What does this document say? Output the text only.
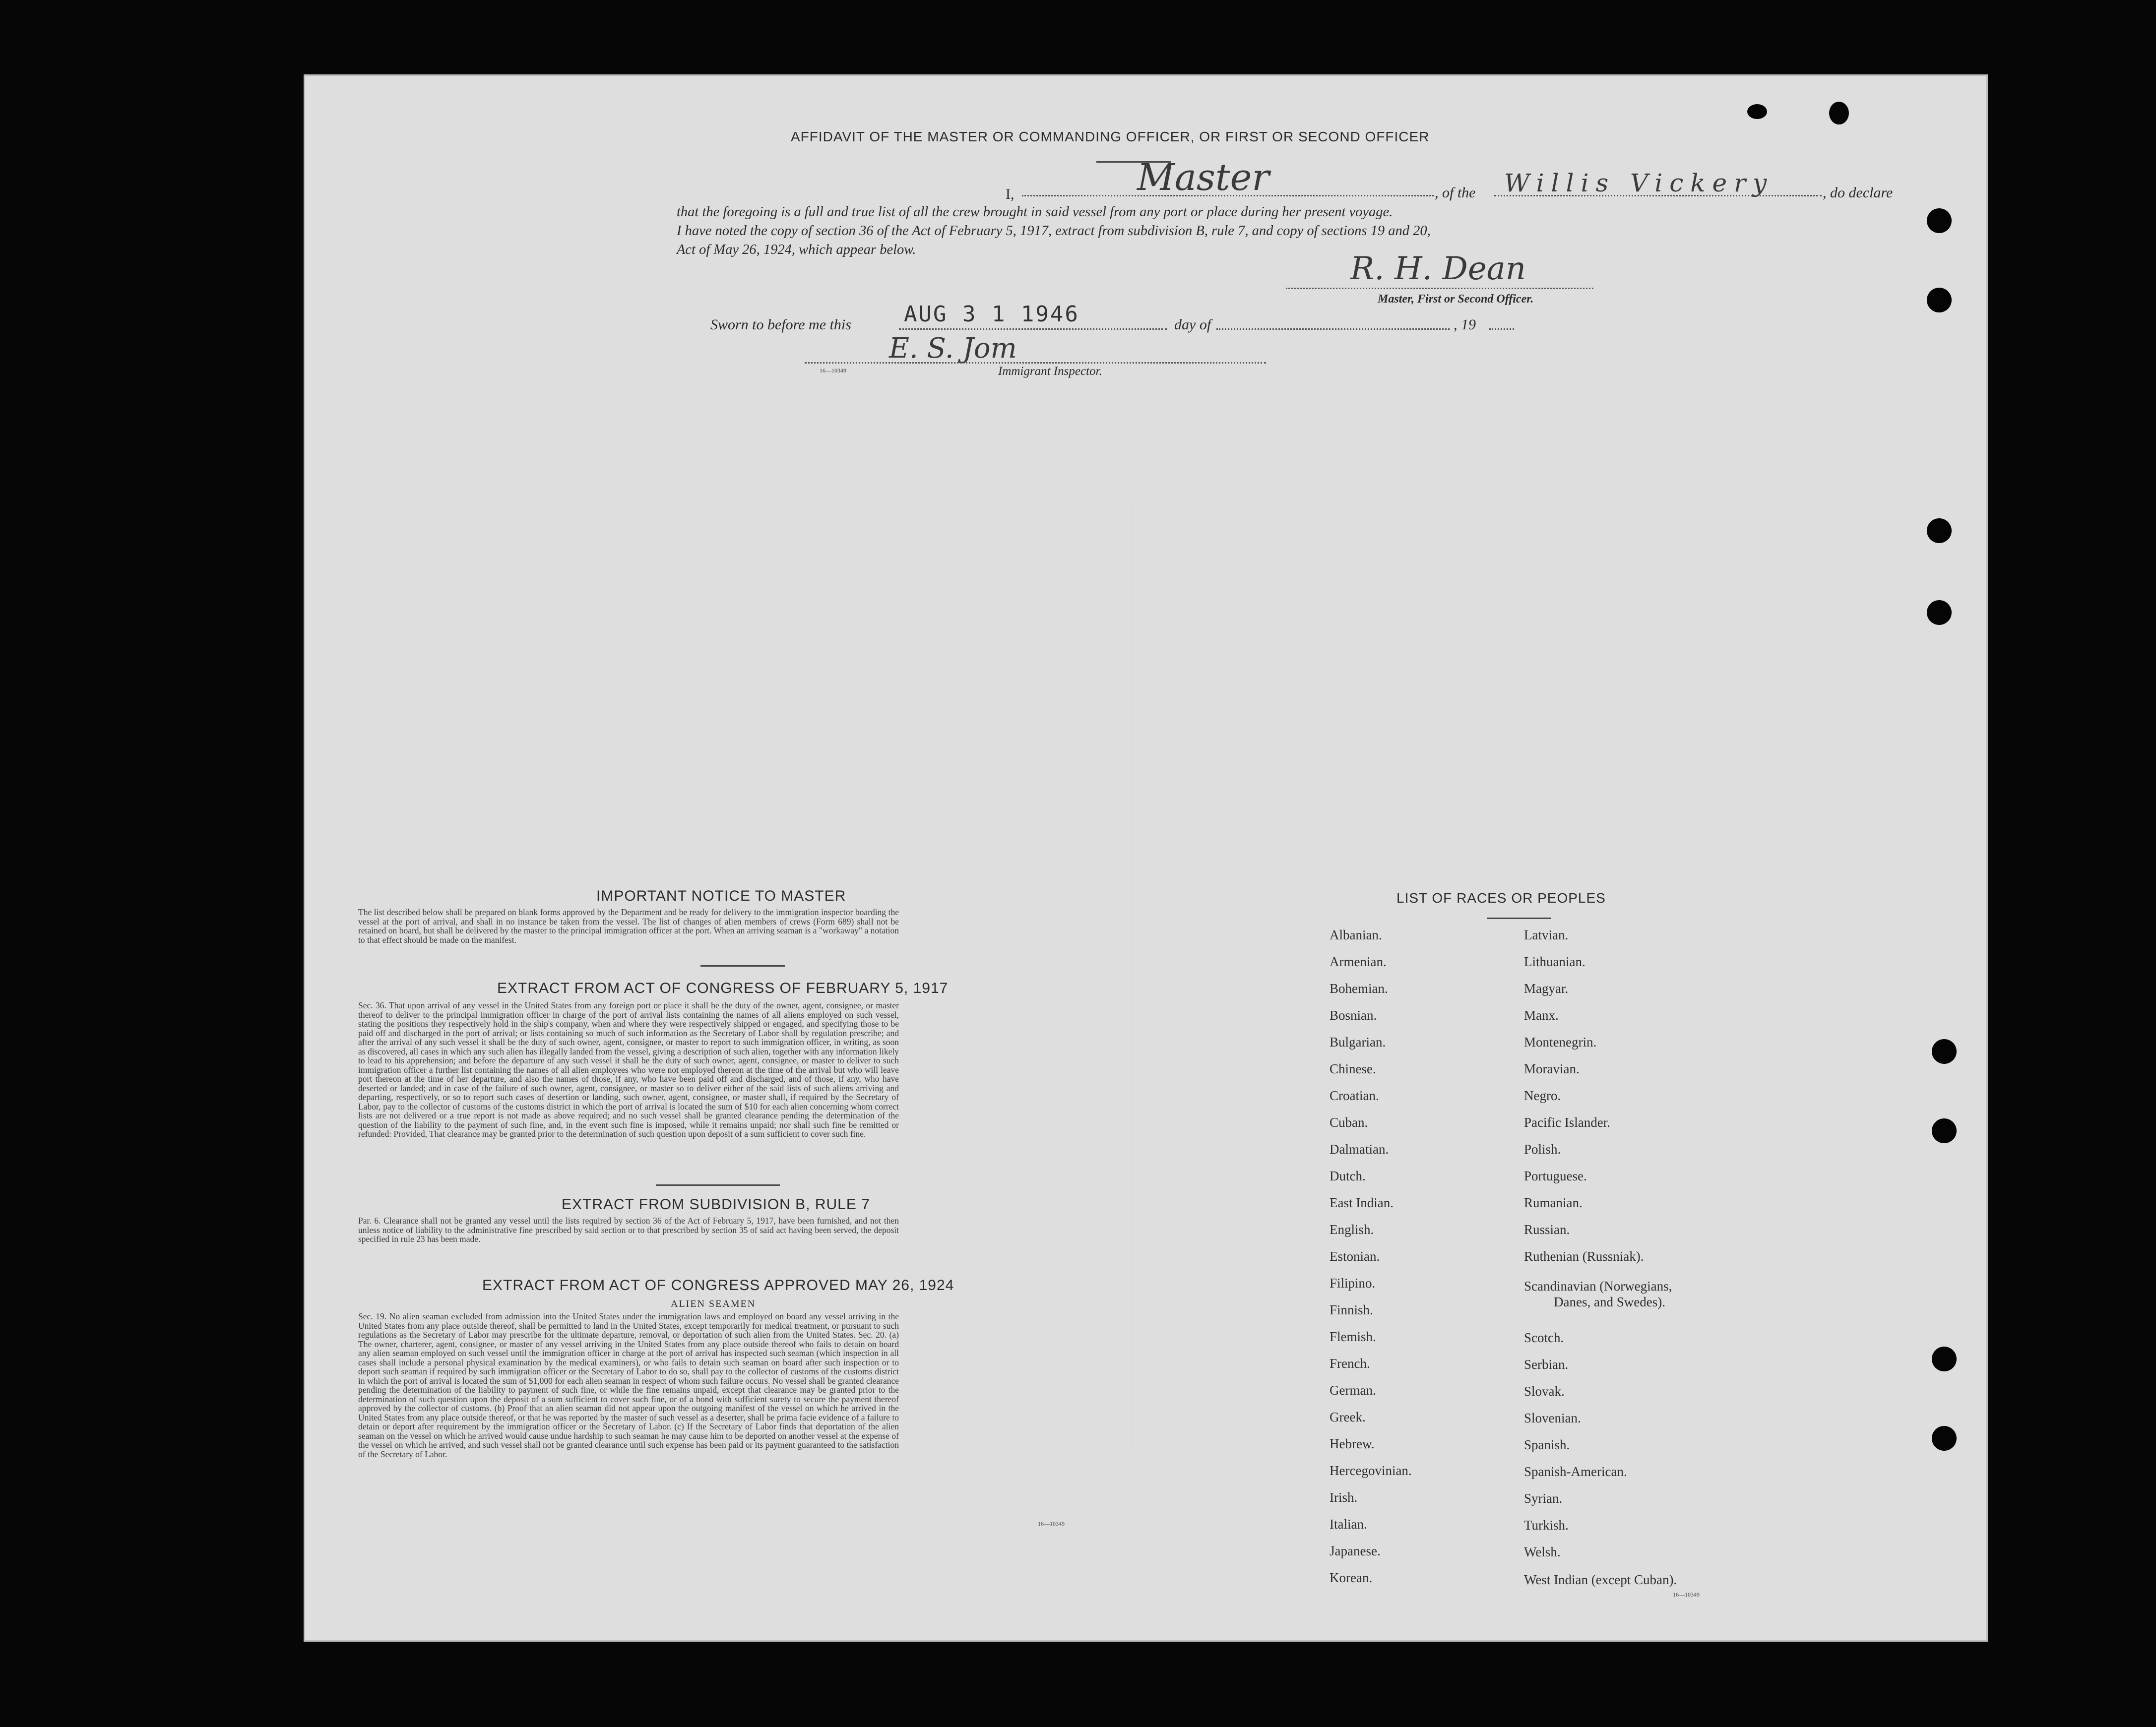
AFFIDAVIT OF THE MASTER OR COMMANDING OFFICER, OR FIRST OR SECOND OFFICER
I,	Master	, of the Willis Vickery	, do declare
that the foregoing is a full and true list of all the crew brought in said vessel from any port or place during her present voyage.
I have noted the copy of section 36 of the Act of February 5, 1917, extract from subdivision B, rule 7, and copy of sections 19 and 20,
Act of May 26, 1924, which appear below.
R. H. Dean
Master, First or Second Officer.
Sworn to before me this AUG 3 1 1946	day of	, 19
E. S. Jom
16—10349	Immigrant Inspector.
IMPORTANT NOTICE TO MASTER
The list described below shall be prepared on blank forms approved by the Department and be ready for delivery to the immigration inspector boarding the vessel at the port of arrival, and shall in no instance be taken from the vessel. The list of changes of alien members of crews (Form 689) shall not be retained on board, but shall be delivered by the master to the principal immigration officer at the port. When an arriving seaman is a "workaway" a notation to that effect should be made on the manifest.
EXTRACT FROM ACT OF CONGRESS OF FEBRUARY 5, 1917
Sec. 36. That upon arrival of any vessel in the United States from any foreign port or place it shall be the duty of the owner, agent, consignee, or master thereof to deliver to the principal immigration officer in charge of the port of arrival lists containing the names of all aliens employed on such vessel, stating the positions they respectively hold in the ship's company, when and where they were respectively shipped or engaged, and specifying those to be paid off and discharged in the port of arrival; or lists containing so much of such information as the Secretary of Labor shall by regulation prescribe; and after the arrival of any such vessel it shall be the duty of such owner, agent, consignee, or master to report to such immigration officer, in writing, as soon as discovered, all cases in which any such alien has illegally landed from the vessel, giving a description of such alien, together with any information likely to lead to his apprehension; and before the departure of any such vessel it shall be the duty of such owner, agent, consignee, or master to deliver to such immigration officer a further list containing the names of all alien employees who were not employed thereon at the time of the arrival but who will leave port thereon at the time of her departure, and also the names of those, if any, who have been paid off and discharged, and of those, if any, who have deserted or landed; and in case of the failure of such owner, agent, consignee, or master so to deliver either of the said lists of such aliens arriving and departing, respectively, or so to report such cases of desertion or landing, such owner, agent, consignee, or master shall, if required by the Secretary of Labor, pay to the collector of customs of the customs district in which the port of arrival is located the sum of $10 for each alien concerning whom correct lists are not delivered or a true report is not made as above required; and no such vessel shall be granted clearance pending the determination of the question of the liability to the payment of such fine, and, in the event such fine is imposed, while it remains unpaid; nor shall such fine be remitted or refunded: Provided, That clearance may be granted prior to the determination of such question upon deposit of a sum sufficient to cover such fine.
EXTRACT FROM SUBDIVISION B, RULE 7
Par. 6. Clearance shall not be granted any vessel until the lists required by section 36 of the Act of February 5, 1917, have been furnished, and not then unless notice of liability to the administrative fine prescribed by said section or to that prescribed by section 35 of said act having been served, the deposit specified in rule 23 has been made.
EXTRACT FROM ACT OF CONGRESS APPROVED MAY 26, 1924
ALIEN SEAMEN
Sec. 19. No alien seaman excluded from admission into the United States under the immigration laws and employed on board any vessel arriving in the United States from any place outside thereof, shall be permitted to land in the United States, except temporarily for medical treatment, or pursuant to such regulations as the Secretary of Labor may prescribe for the ultimate departure, removal, or deportation of such alien from the United States. Sec. 20. (a) The owner, charterer, agent, consignee, or master of any vessel arriving in the United States from any place outside thereof who fails to detain on board any alien seaman employed on such vessel until the immigration officer in charge at the port of arrival has inspected such seaman (which inspection in all cases shall include a personal physical examination by the medical examiners), or who fails to detain such seaman on board after such inspection or to deport such seaman if required by such immigration officer or the Secretary of Labor to do so, shall pay to the collector of customs of the customs district in which the port of arrival is located the sum of $1,000 for each alien seaman in respect of whom such failure occurs. No vessel shall be granted clearance pending the determination of the liability to payment of such fine, or while the fine remains unpaid, except that clearance may be granted prior to the determination of such question upon the deposit of a sum sufficient to cover such fine, or of a bond with sufficient surety to secure the payment thereof approved by the collector of customs. (b) Proof that an alien seaman did not appear upon the outgoing manifest of the vessel on which he arrived in the United States from any place outside thereof, or that he was reported by the master of such vessel as a deserter, shall be prima facie evidence of a failure to detain or deport after requirement by the immigration officer or the Secretary of Labor. (c) If the Secretary of Labor finds that deportation of the alien seaman on the vessel on which he arrived would cause undue hardship to such seaman he may cause him to be deported on another vessel at the expense of the vessel on which he arrived, and such vessel shall not be granted clearance until such expense has been paid or its payment guaranteed to the satisfaction of the Secretary of Labor.
16—10349
LIST OF RACES OR PEOPLES
Albanian.
Armenian.
Bohemian.
Bosnian.
Bulgarian.
Chinese.
Croatian.
Cuban.
Dalmatian.
Dutch.
East Indian.
English.
Estonian.
Filipino.
Finnish.
Flemish.
French.
German.
Greek.
Hebrew.
Hercegovinian.
Irish.
Italian.
Japanese.
Korean.
Latvian.
Lithuanian.
Magyar.
Manx.
Montenegrin.
Moravian.
Negro.
Pacific Islander.
Polish.
Portuguese.
Rumanian.
Russian.
Ruthenian (Russniak).
Scandinavian (Norwegians,
Danes, and Swedes).
Scotch.
Serbian.
Slovak.
Slovenian.
Spanish.
Spanish-American.
Syrian.
Turkish.
Welsh.
West Indian (except Cuban).
16—10349
